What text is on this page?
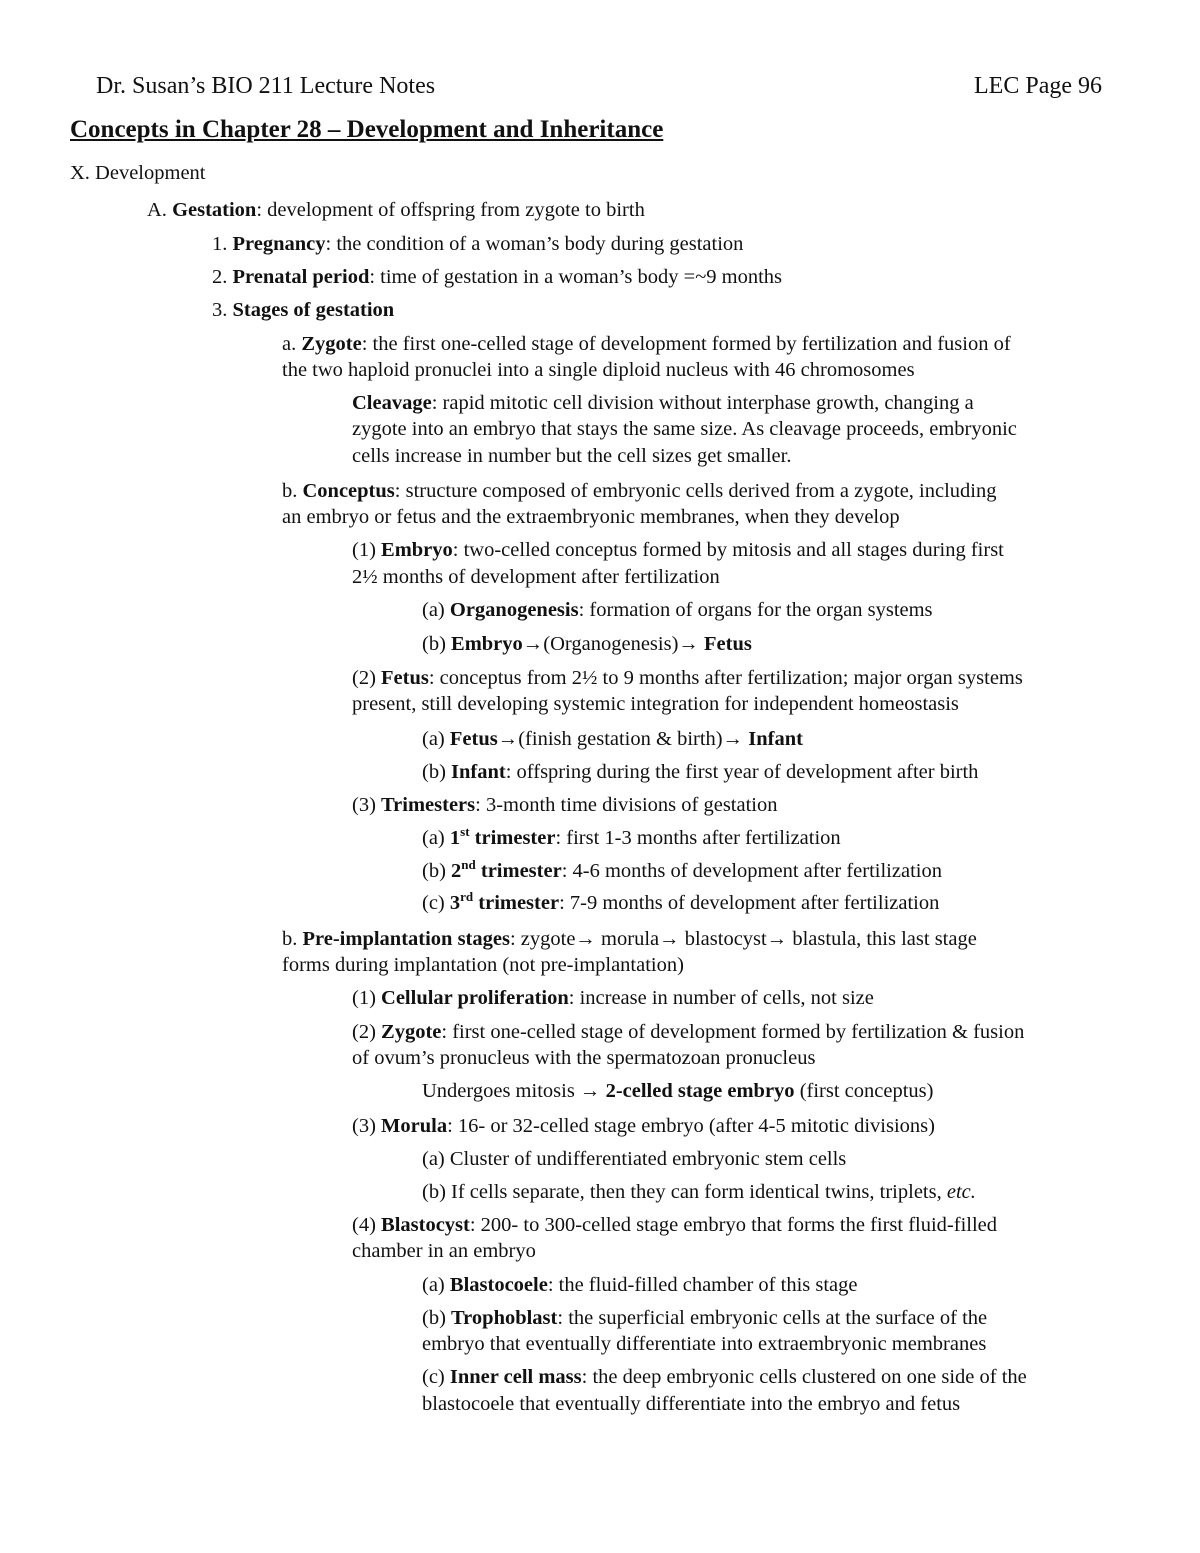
Dr. Susan’s BIO 211 Lecture Notes	LEC Page 96
Concepts in Chapter 28 – Development and Inheritance
X. Development
A. Gestation: development of offspring from zygote to birth
1. Pregnancy: the condition of a woman’s body during gestation
2. Prenatal period: time of gestation in a woman’s body =~9 months
3. Stages of gestation
a. Zygote: the first one-celled stage of development formed by fertilization and fusion of
the two haploid pronuclei into a single diploid nucleus with 46 chromosomes
Cleavage: rapid mitotic cell division without interphase growth, changing a
zygote into an embryo that stays the same size. As cleavage proceeds, embryonic
cells increase in number but the cell sizes get smaller.
b. Conceptus: structure composed of embryonic cells derived from a zygote, including
an embryo or fetus and the extraembryonic membranes, when they develop
(1) Embryo: two-celled conceptus formed by mitosis and all stages during first
2½ months of development after fertilization
(a) Organogenesis: formation of organs for the organ systems
(b) Embryo→(Organogenesis)→ Fetus
(2) Fetus: conceptus from 2½ to 9 months after fertilization; major organ systems
present, still developing systemic integration for independent homeostasis
(a) Fetus→(finish gestation & birth)→ Infant
(b) Infant: offspring during the first year of development after birth
(3) Trimesters: 3-month time divisions of gestation
(a) 1st trimester: first 1-3 months after fertilization
(b) 2nd trimester: 4-6 months of development after fertilization
(c) 3rd trimester: 7-9 months of development after fertilization
b. Pre-implantation stages: zygote→ morula→ blastocyst→ blastula, this last stage
forms during implantation (not pre-implantation)
(1) Cellular proliferation: increase in number of cells, not size
(2) Zygote: first one-celled stage of development formed by fertilization & fusion
of ovum’s pronucleus with the spermatozoan pronucleus
Undergoes mitosis → 2-celled stage embryo (first conceptus)
(3) Morula: 16- or 32-celled stage embryo (after 4-5 mitotic divisions)
(a) Cluster of undifferentiated embryonic stem cells
(b) If cells separate, then they can form identical twins, triplets, etc.
(4) Blastocyst: 200- to 300-celled stage embryo that forms the first fluid-filled
chamber in an embryo
(a) Blastocoele: the fluid-filled chamber of this stage
(b) Trophoblast: the superficial embryonic cells at the surface of the
embryo that eventually differentiate into extraembryonic membranes
(c) Inner cell mass: the deep embryonic cells clustered on one side of the
blastocoele that eventually differentiate into the embryo and fetus
